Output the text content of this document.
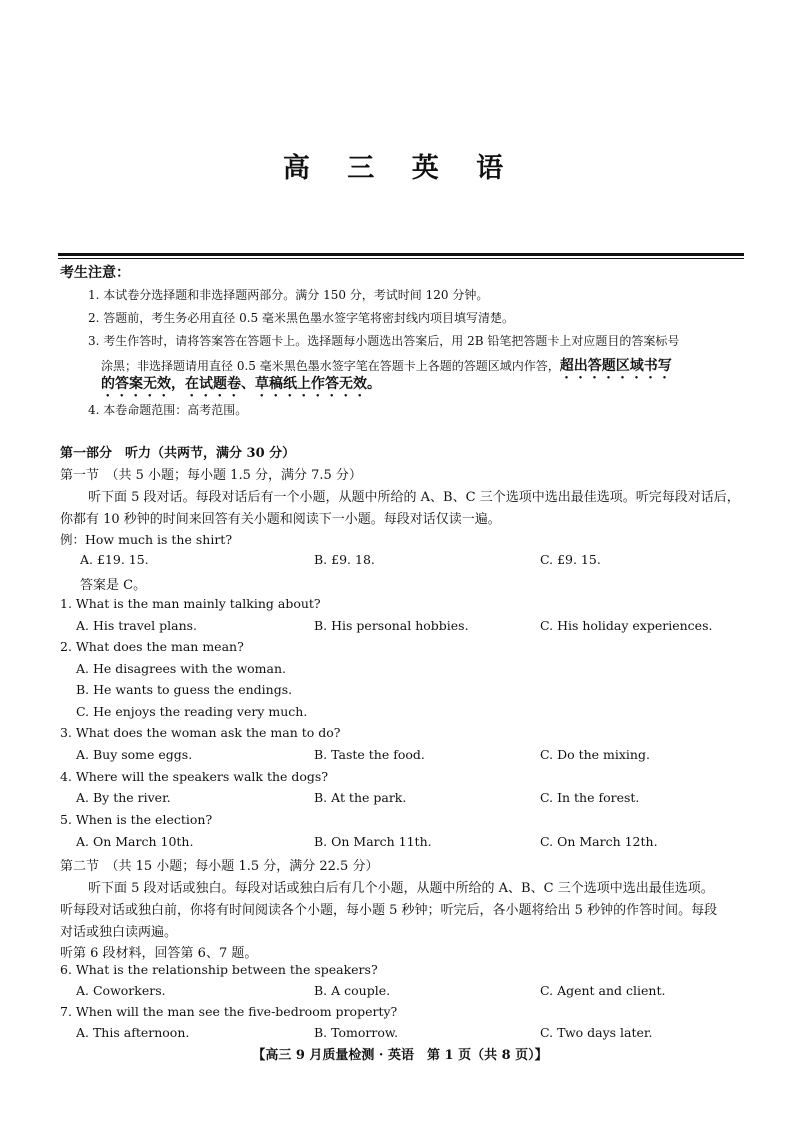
高 三 英 语
考生注意：
1. 本试卷分选择题和非选择题两部分。满分 150 分，考试时间 120 分钟。
2. 答题前，考生务必用直径 0.5 毫米黑色墨水签字笔将密封线内项目填写清楚。
3. 考生作答时，请将答案答在答题卡上。选择题每小题选出答案后，用 2B 铅笔把答题卡上对应题目的答案标号
涂黑；非选择题请用直径 0.5 毫米黑色墨水签字笔在答题卡上各题的答题区域内作答，超出答题区域书写
的答案无效，在试题卷、草稿纸上作答无效。
4. 本卷命题范围：高考范围。
第一部分　听力（共两节，满分 30 分）
第一节　（共 5 小题；每小题 1.5 分，满分 7.5 分）
听下面 5 段对话。每段对话后有一个小题，从题中所给的 A、B、C 三个选项中选出最佳选项。听完每段对话后，
你都有 10 秒钟的时间来回答有关小题和阅读下一小题。每段对话仅读一遍。
例：How much is the shirt?
A. £19. 15.	B. £9. 18.	C. £9. 15.
答案是 C。
1. What is the man mainly talking about?
A. His travel plans.	B. His personal hobbies.	C. His holiday experiences.
2. What does the man mean?
A. He disagrees with the woman.
B. He wants to guess the endings.
C. He enjoys the reading very much.
3. What does the woman ask the man to do?
A. Buy some eggs.	B. Taste the food.	C. Do the mixing.
4. Where will the speakers walk the dogs?
A. By the river.	B. At the park.	C. In the forest.
5. When is the election?
A. On March 10th.	B. On March 11th.	C. On March 12th.
第二节　（共 15 小题；每小题 1.5 分，满分 22.5 分）
听下面 5 段对话或独白。每段对话或独白后有几个小题，从题中所给的 A、B、C 三个选项中选出最佳选项。
听每段对话或独白前，你将有时间阅读各个小题，每小题 5 秒钟；听完后，各小题将给出 5 秒钟的作答时间。每段
对话或独白读两遍。
听第 6 段材料，回答第 6、7 题。
6. What is the relationship between the speakers?
A. Coworkers.	B. A couple.	C. Agent and client.
7. When will the man see the five-bedroom property?
A. This afternoon.	B. Tomorrow.	C. Two days later.
【高三 9 月质量检测 · 英语　第 1 页（共 8 页）】
